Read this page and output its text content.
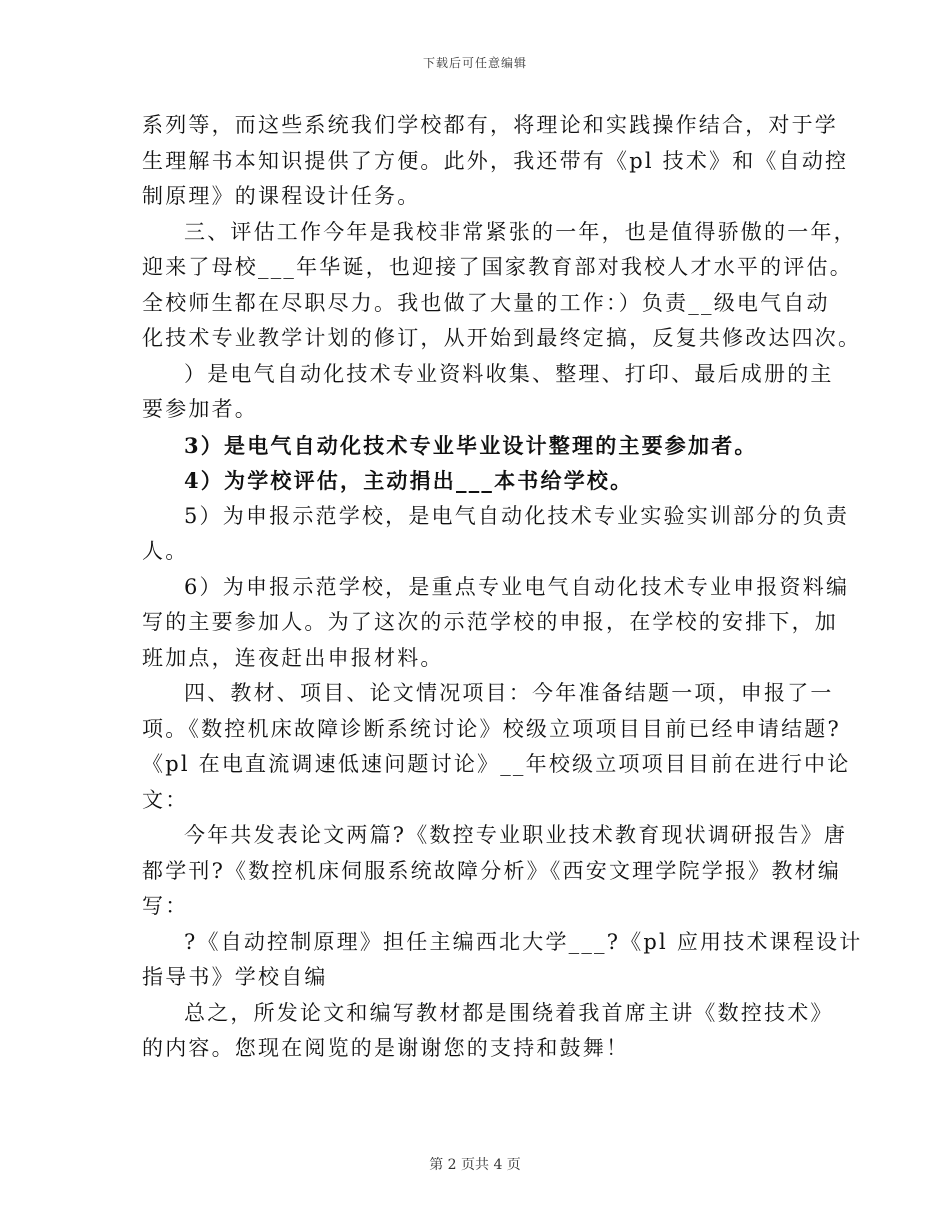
下载后可任意编辑

系列等，而这些系统我们学校都有，将理论和实践操作结合，对于学

生理解书本知识提供了方便。此外，我还带有《pl 技术》和《自动控

制原理》的课程设计任务。

三、评估工作今年是我校非常紧张的一年，也是值得骄傲的一年，

迎来了母校___年华诞，也迎接了国家教育部对我校人才水平的评估。

全校师生都在尽职尽力。我也做了大量的工作：）负责__级电气自动

化技术专业教学计划的修订，从开始到最终定搞，反复共修改达四次。

）是电气自动化技术专业资料收集、整理、打印、最后成册的主

要参加者。

3）是电气自动化技术专业毕业设计整理的主要参加者。

4）为学校评估，主动捐出___本书给学校。

5）为申报示范学校，是电气自动化技术专业实验实训部分的负责

人。

6）为申报示范学校，是重点专业电气自动化技术专业申报资料编

写的主要参加人。为了这次的示范学校的申报，在学校的安排下，加

班加点，连夜赶出申报材料。

四、教材、项目、论文情况项目：今年准备结题一项，申报了一

项。《数控机床故障诊断系统讨论》校级立项项目目前已经申请结题?

《pl 在电直流调速低速问题讨论》__年校级立项项目目前在进行中论

文：

今年共发表论文两篇?《数控专业职业技术教育现状调研报告》唐

都学刊?《数控机床伺服系统故障分析》《西安文理学院学报》教材编

写：

?《自动控制原理》担任主编西北大学___?《pl 应用技术课程设计

指导书》学校自编

总之，所发论文和编写教材都是围绕着我首席主讲《数控技术》

的内容。您现在阅览的是谢谢您的支持和鼓舞！

第 2 页共 4 页
